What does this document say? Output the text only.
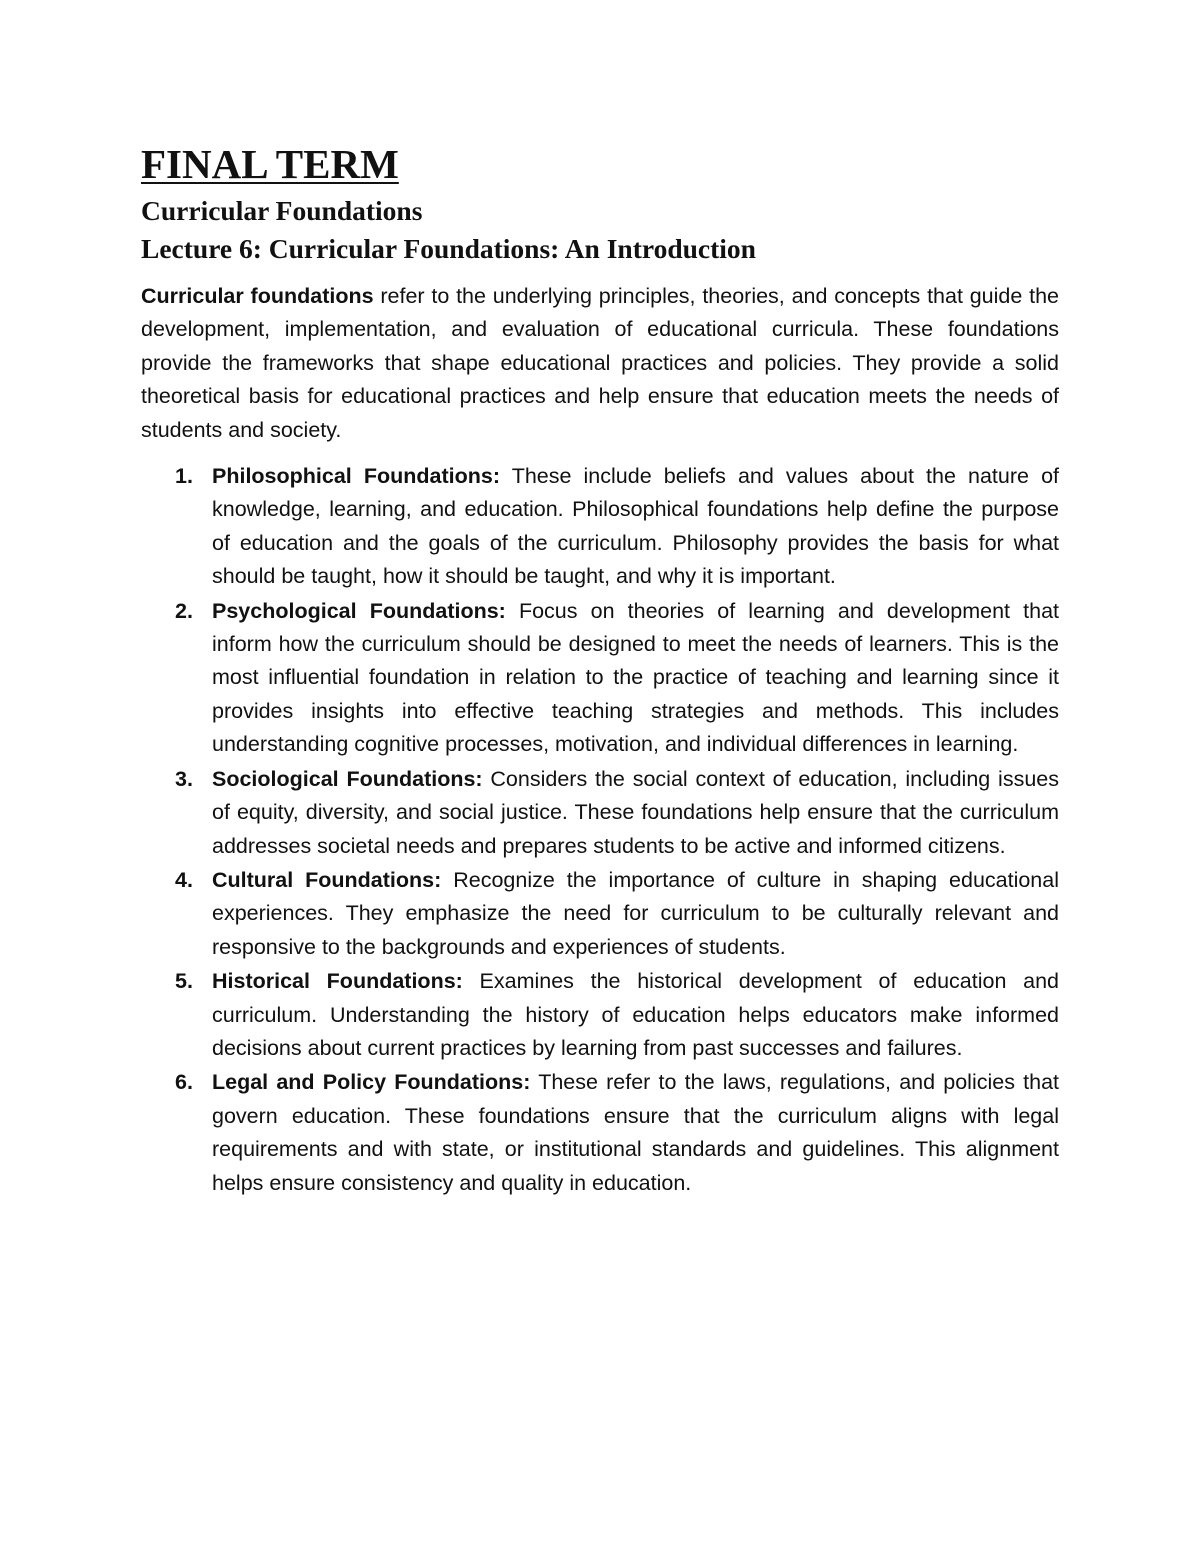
FINAL TERM
Curricular Foundations
Lecture 6: Curricular Foundations: An Introduction

Curricular foundations refer to the underlying principles, theories, and concepts that guide the development, implementation, and evaluation of educational curricula. These foundations provide the frameworks that shape educational practices and policies. They provide a solid theoretical basis for educational practices and help ensure that education meets the needs of students and society.

1. Philosophical Foundations: These include beliefs and values about the nature of knowledge, learning, and education. Philosophical foundations help define the purpose of education and the goals of the curriculum. Philosophy provides the basis for what should be taught, how it should be taught, and why it is important.
2. Psychological Foundations: Focus on theories of learning and development that inform how the curriculum should be designed to meet the needs of learners. This is the most influential foundation in relation to the practice of teaching and learning since it provides insights into effective teaching strategies and methods. This includes understanding cognitive processes, motivation, and individual differences in learning.
3. Sociological Foundations: Considers the social context of education, including issues of equity, diversity, and social justice. These foundations help ensure that the curriculum addresses societal needs and prepares students to be active and informed citizens.
4. Cultural Foundations: Recognize the importance of culture in shaping educational experiences. They emphasize the need for curriculum to be culturally relevant and responsive to the backgrounds and experiences of students.
5. Historical Foundations: Examines the historical development of education and curriculum. Understanding the history of education helps educators make informed decisions about current practices by learning from past successes and failures.
6. Legal and Policy Foundations: These refer to the laws, regulations, and policies that govern education. These foundations ensure that the curriculum aligns with legal requirements and with state, or institutional standards and guidelines. This alignment helps ensure consistency and quality in education.
